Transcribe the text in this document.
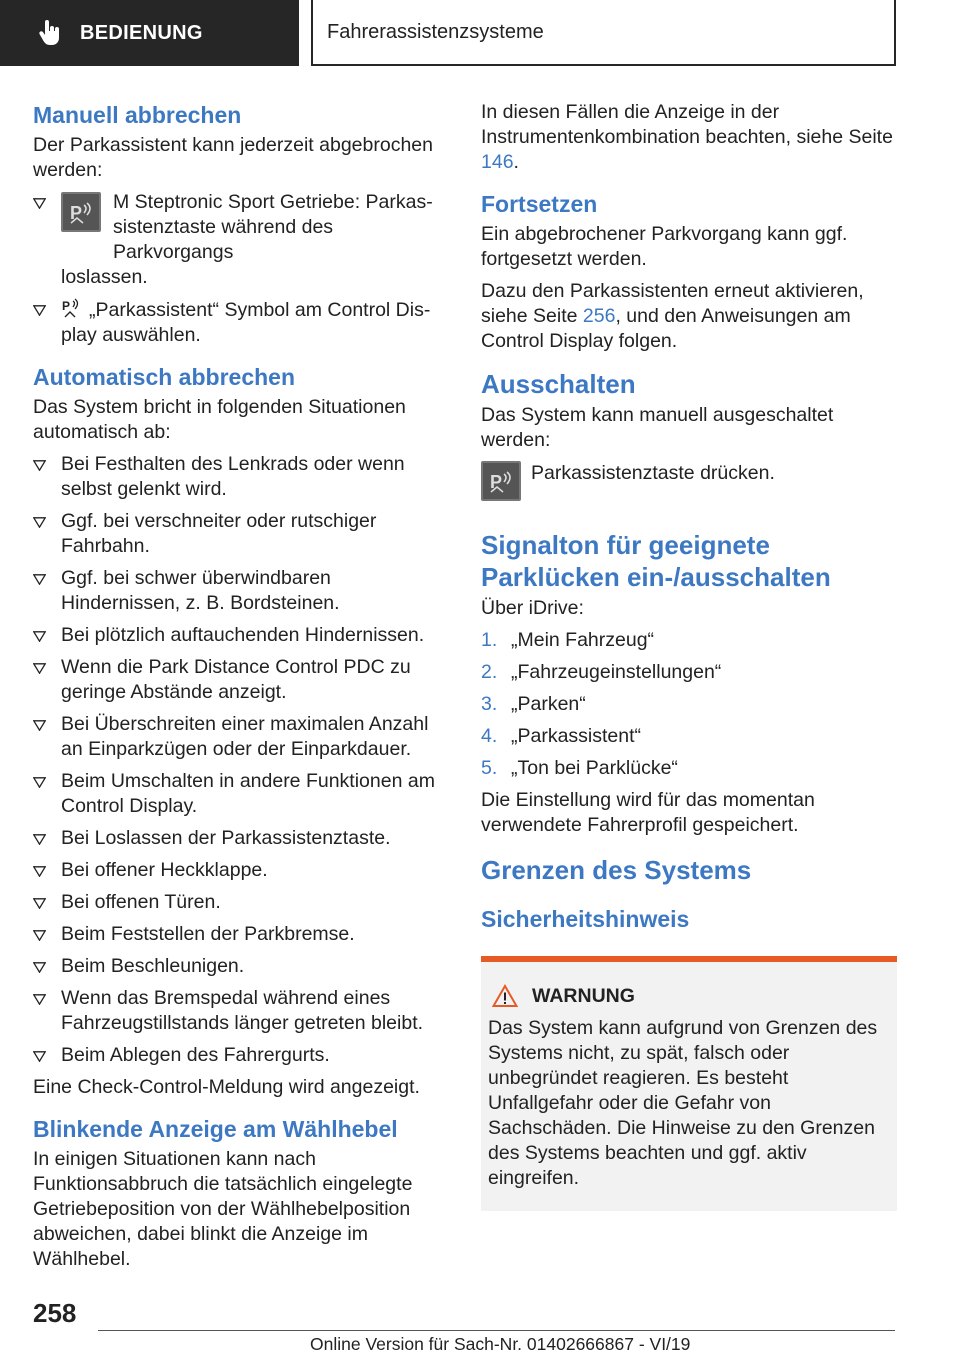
BEDIENUNG	Fahrerassistenzsysteme
Manuell abbrechen

Der Parkassistent kann jederzeit abgebrochen werden:

P	M Steptronic Sport Getriebe: Parkas-
sistenztaste während des Parkvorgangs
loslassen.
P „Parkassistent“ Symbol am Control Dis-
play auswählen.
Automatisch abbrechen

Das System bricht in folgenden Situationen automatisch ab:

Bei Festhalten des Lenkrads oder wenn selbst gelenkt wird.
Ggf. bei verschneiter oder rutschiger Fahrbahn.
Ggf. bei schwer überwindbaren Hindernissen, z. B. Bordsteinen.
Bei plötzlich auftauchenden Hindernissen.
Wenn die Park Distance Control PDC zu geringe Abstände anzeigt.
Bei Überschreiten einer maximalen Anzahl an Einparkzügen oder der Einparkdauer.
Beim Umschalten in andere Funktionen am Control Display.
Bei Loslassen der Parkassistenztaste.
Bei offener Heckklappe.
Bei offenen Türen.
Beim Feststellen der Parkbremse.
Beim Beschleunigen.
Wenn das Bremspedal während eines Fahrzeugstillstands länger getreten bleibt.
Beim Ablegen des Fahrergurts.

Eine Check-Control-Meldung wird angezeigt.

Blinkende Anzeige am Wählhebel

In einigen Situationen kann nach Funktionsabbruch die tatsächlich eingelegte Getriebeposition von der Wählhebelposition abweichen, dabei blinkt die Anzeige im Wählhebel.

In diesen Fällen die Anzeige in der Instrumentenkombination beachten, siehe Seite 146.

Fortsetzen

Ein abgebrochener Parkvorgang kann ggf. fortgesetzt werden.

Dazu den Parkassistenten erneut aktivieren, siehe Seite 256, und den Anweisungen am Control Display folgen.

Ausschalten

Das System kann manuell ausgeschaltet werden:

P Parkassistenztaste drücken.
Signalton für geeignete
Parklücken ein-/ausschalten

Über iDrive:

1. „Mein Fahrzeug“
2. „Fahrzeugeinstellungen“
3. „Parken“
4. „Parkassistent“
5. „Ton bei Parklücke“

Die Einstellung wird für das momentan verwendete Fahrerprofil gespeichert.

Grenzen des Systems
Sicherheitshinweis
WARNUNG

Das System kann aufgrund von Grenzen des Systems nicht, zu spät, falsch oder unbegründet reagieren. Es besteht Unfallgefahr oder die Gefahr von Sachschäden. Die Hinweise zu den Grenzen des Systems beachten und ggf. aktiv eingreifen.

258
Online Version für Sach-Nr. 01402666867 - VI/19
